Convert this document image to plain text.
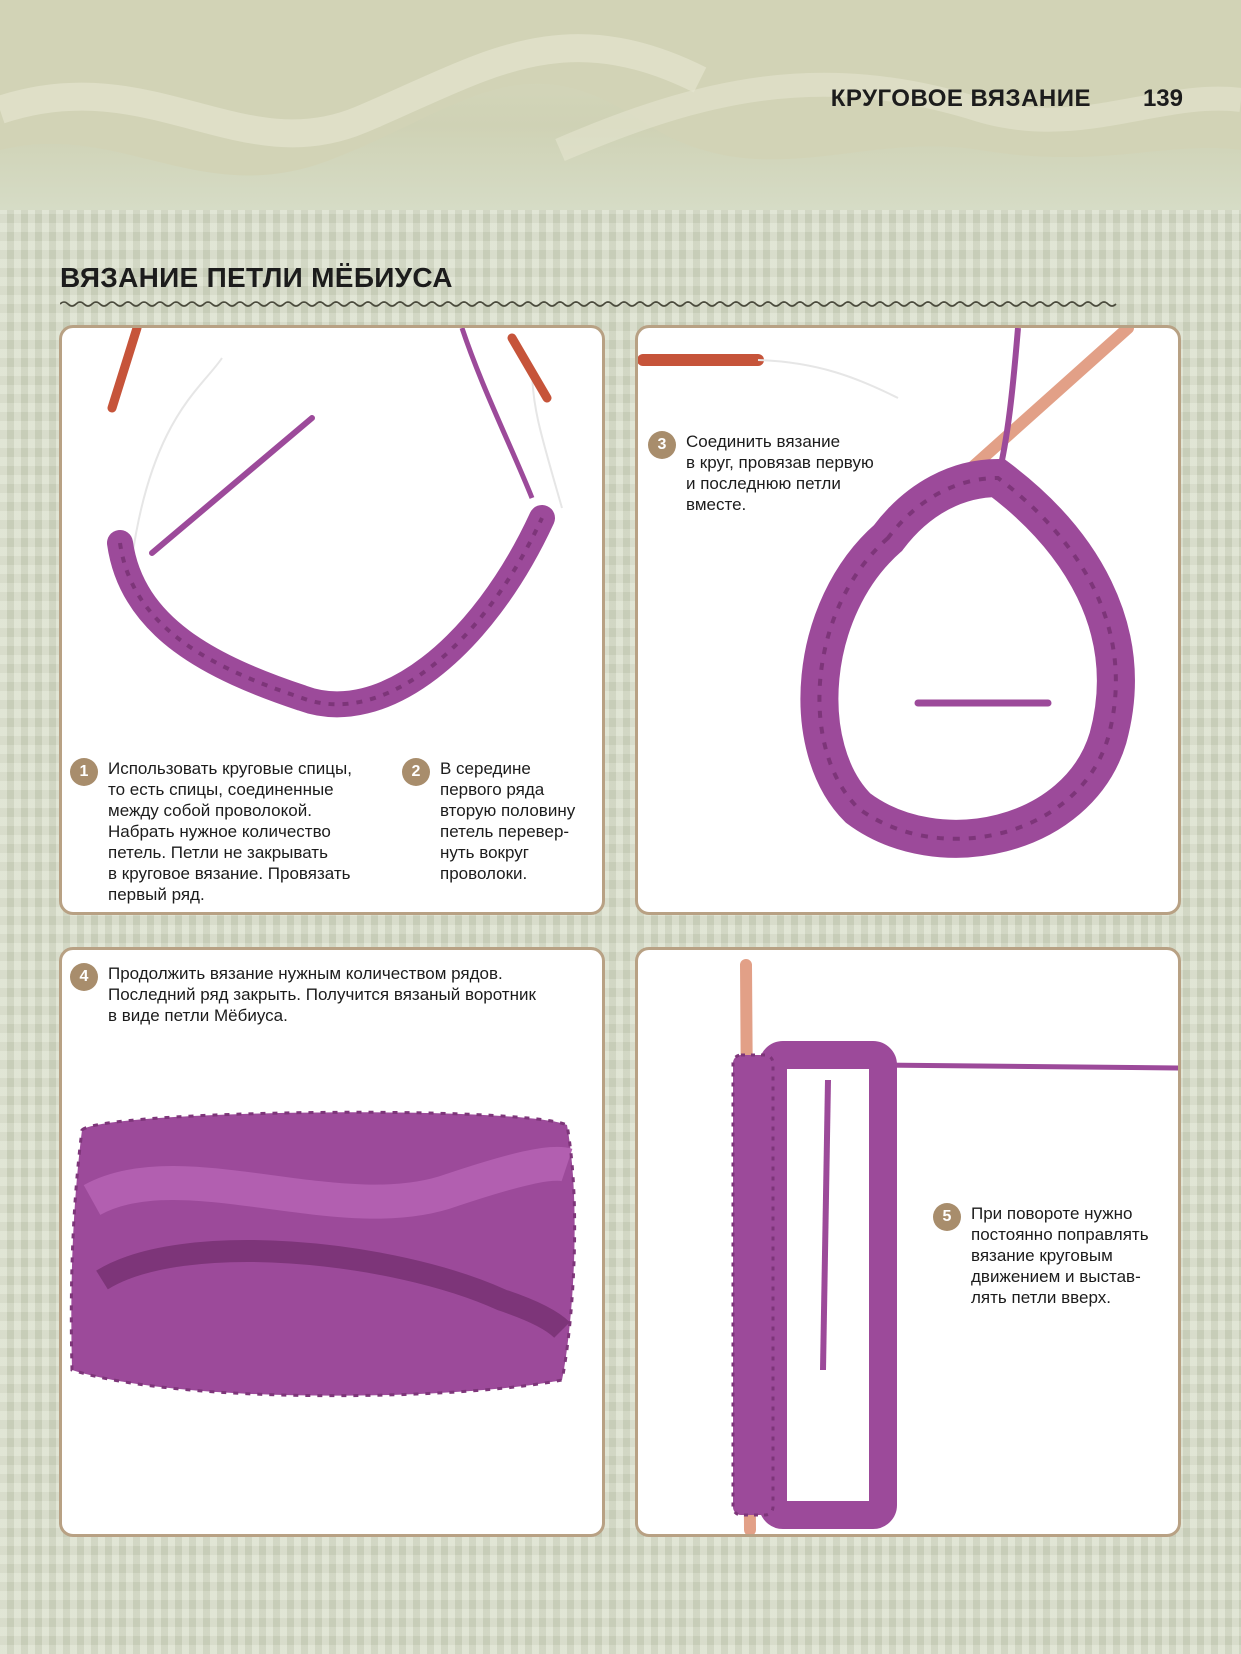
КРУГОВОЕ ВЯЗАНИЕ 139
ВЯЗАНИЕ ПЕТЛИ МЁБИУСА
1	Использовать круговые спицы,
то есть спицы, соединенные
между собой проволокой.
Набрать нужное количество
петель. Петли не закрывать
в круговое вязание. Провязать
первый ряд.
2	В середине
первого ряда
вторую половину
петель перевер-
нуть вокруг
проволоки.
3	Соединить вязание
в круг, провязав первую
и последнюю петли
вместе.
4	Продолжить вязание нужным количеством рядов.
Последний ряд закрыть. Получится вязаный воротник
в виде петли Мёбиуса.
5	При повороте нужно
постоянно поправлять
вязание круговым
движением и выстав-
лять петли вверх.
